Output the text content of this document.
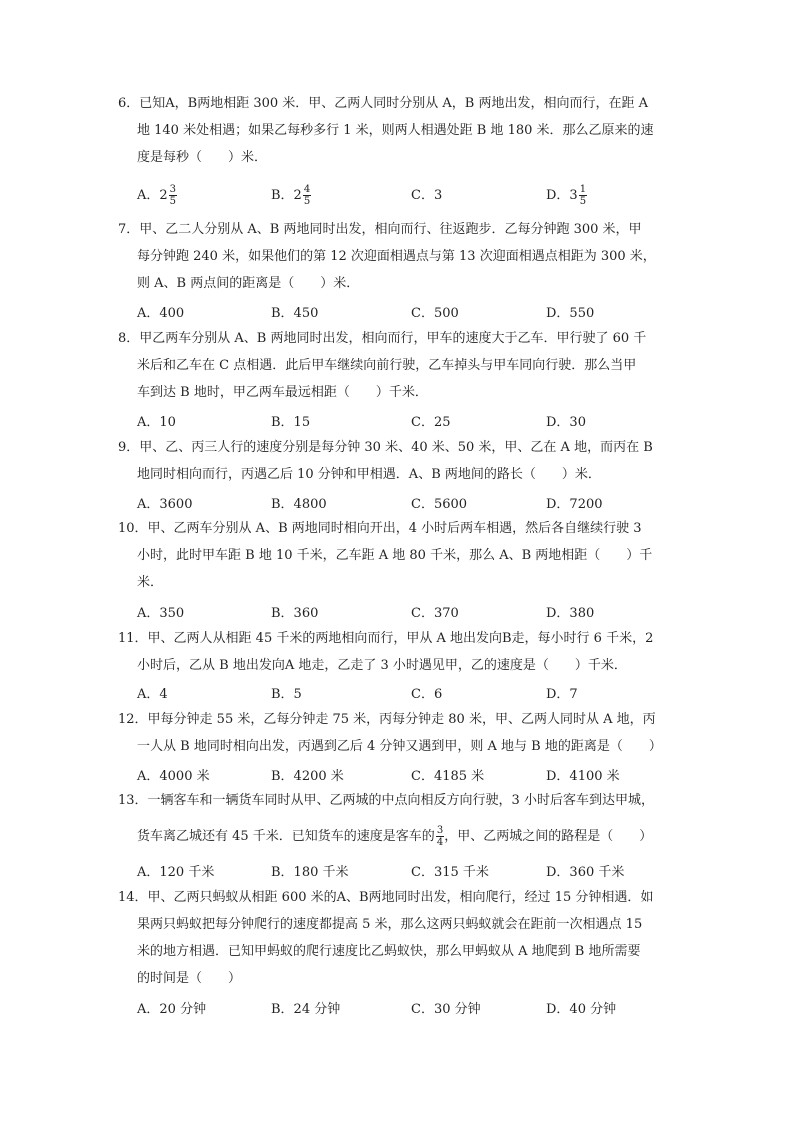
6．已知A，B两地相距 300 米．甲、乙两人同时分别从 A，B 两地出发，相向而行，在距 A
地 140 米处相遇；如果乙每秒多行 1 米，则两人相遇处距 B 地 180 米．那么乙原来的速
度是每秒（　　）米．
A．$2 \frac{3}{5}$	B．$2 \frac{4}{5}$	C．3	D．$3 \frac{1}{5}$
7．甲、乙二人分别从 A、B 两地同时出发，相向而行、往返跑步．乙每分钟跑 300 米，甲
每分钟跑 240 米，如果他们的第 12 次迎面相遇点与第 13 次迎面相遇点相距为 300 米，
则 A、B 两点间的距离是（　　）米．
A．400	B．450	C．500	D．550
8．甲乙两车分别从 A、B 两地同时出发，相向而行，甲车的速度大于乙车．甲行驶了 60 千
米后和乙车在 C 点相遇．此后甲车继续向前行驶，乙车掉头与甲车同向行驶．那么当甲
车到达 B 地时，甲乙两车最远相距（　　）千米．
A．10	B．15	C．25	D．30
9．甲、乙、丙三人行的速度分别是每分钟 30 米、40 米、50 米，甲、乙在 A 地，而丙在 B
地同时相向而行，丙遇乙后 10 分钟和甲相遇．A、B 两地间的路长（　　）米．
A．3600	B．4800	C．5600	D．7200
10．甲、乙两车分别从 A、B 两地同时相向开出，4 小时后两车相遇，然后各自继续行驶 3
小时，此时甲车距 B 地 10 千米，乙车距 A 地 80 千米，那么 A、B 两地相距（　　）千
米．
A．350	B．360	C．370	D．380
11．甲、乙两人从相距 45 千米的两地相向而行，甲从 A 地出发向B走，每小时行 6 千米，2
小时后，乙从 B 地出发向A 地走，乙走了 3 小时遇见甲，乙的速度是（　　）千米．
A．4	B．5	C．6	D．7
12．甲每分钟走 55 米，乙每分钟走 75 米，丙每分钟走 80 米，甲、乙两人同时从 A 地，丙
一人从 B 地同时相向出发，丙遇到乙后 4 分钟又遇到甲，则 A 地与 B 地的距离是（　　）
A．4000 米	B．4200 米	C．4185 米	D．4100 米
13．一辆客车和一辆货车同时从甲、乙两城的中点向相反方向行驶，3 小时后客车到达甲城，
货车离乙城还有 45 千米．已知货车的速度是客车的 $\frac{3}{4}$ ，甲、乙两城之间的路程是（　　）
A．120 千米	B．180 千米	C．315 千米	D．360 千米
14．甲、乙两只蚂蚁从相距 600 米的A、B两地同时出发，相向爬行，经过 15 分钟相遇．如
果两只蚂蚁把每分钟爬行的速度都提高 5 米，那么这两只蚂蚁就会在距前一次相遇点 15
米的地方相遇．已知甲蚂蚁的爬行速度比乙蚂蚁快，那么甲蚂蚁从 A 地爬到 B 地所需要
的时间是（　　）
A．20 分钟	B．24 分钟	C．30 分钟	D．40 分钟
